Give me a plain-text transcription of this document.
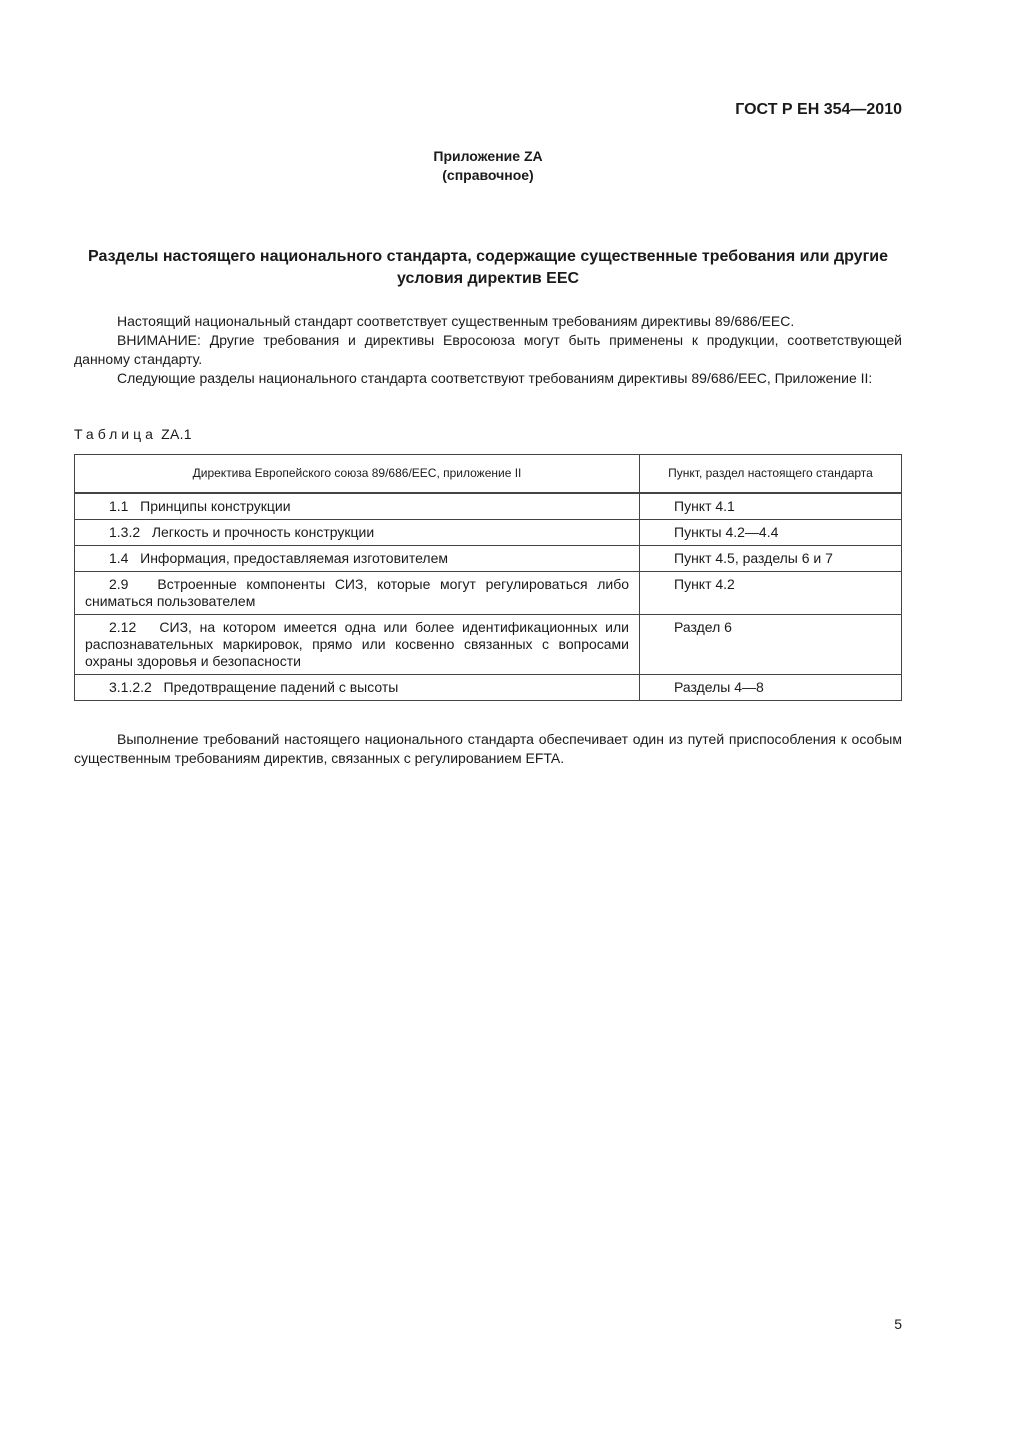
ГОСТ Р ЕН 354—2010
Приложение ZA
(справочное)
Разделы настоящего национального стандарта, содержащие существенные требования или другие условия директив ЕЕС

Настоящий национальный стандарт соответствует существенным требованиям директивы 89/686/ЕЕС.

ВНИМАНИЕ: Другие требования и директивы Евросоюза могут быть применены к продукции, соответствующей данному стандарту.

Следующие разделы национального стандарта соответствуют требованиям директивы 89/686/ЕЕС, Приложение II:

Таблица ZA.1
Директива Европейского союза 89/686/ЕЕС, приложение II	Пункт, раздел настоящего стандарта
1.1 Принципы конструкции	Пункт 4.1
1.3.2 Легкость и прочность конструкции	Пункты 4.2—4.4
1.4 Информация, предоставляемая изготовителем	Пункт 4.5, разделы 6 и 7
2.9 Встроенные компоненты СИЗ, которые могут регулироваться либо сниматься пользователем	Пункт 4.2
2.12 СИЗ, на котором имеется одна или более идентификационных или распознавательных маркировок, прямо или косвенно связанных с вопросами охраны здоровья и безопасности	Раздел 6
3.1.2.2 Предотвращение падений с высоты	Разделы 4—8

Выполнение требований настоящего национального стандарта обеспечивает один из путей приспособления к особым существенным требованиям директив, связанных с регулированием EFTA.

5
